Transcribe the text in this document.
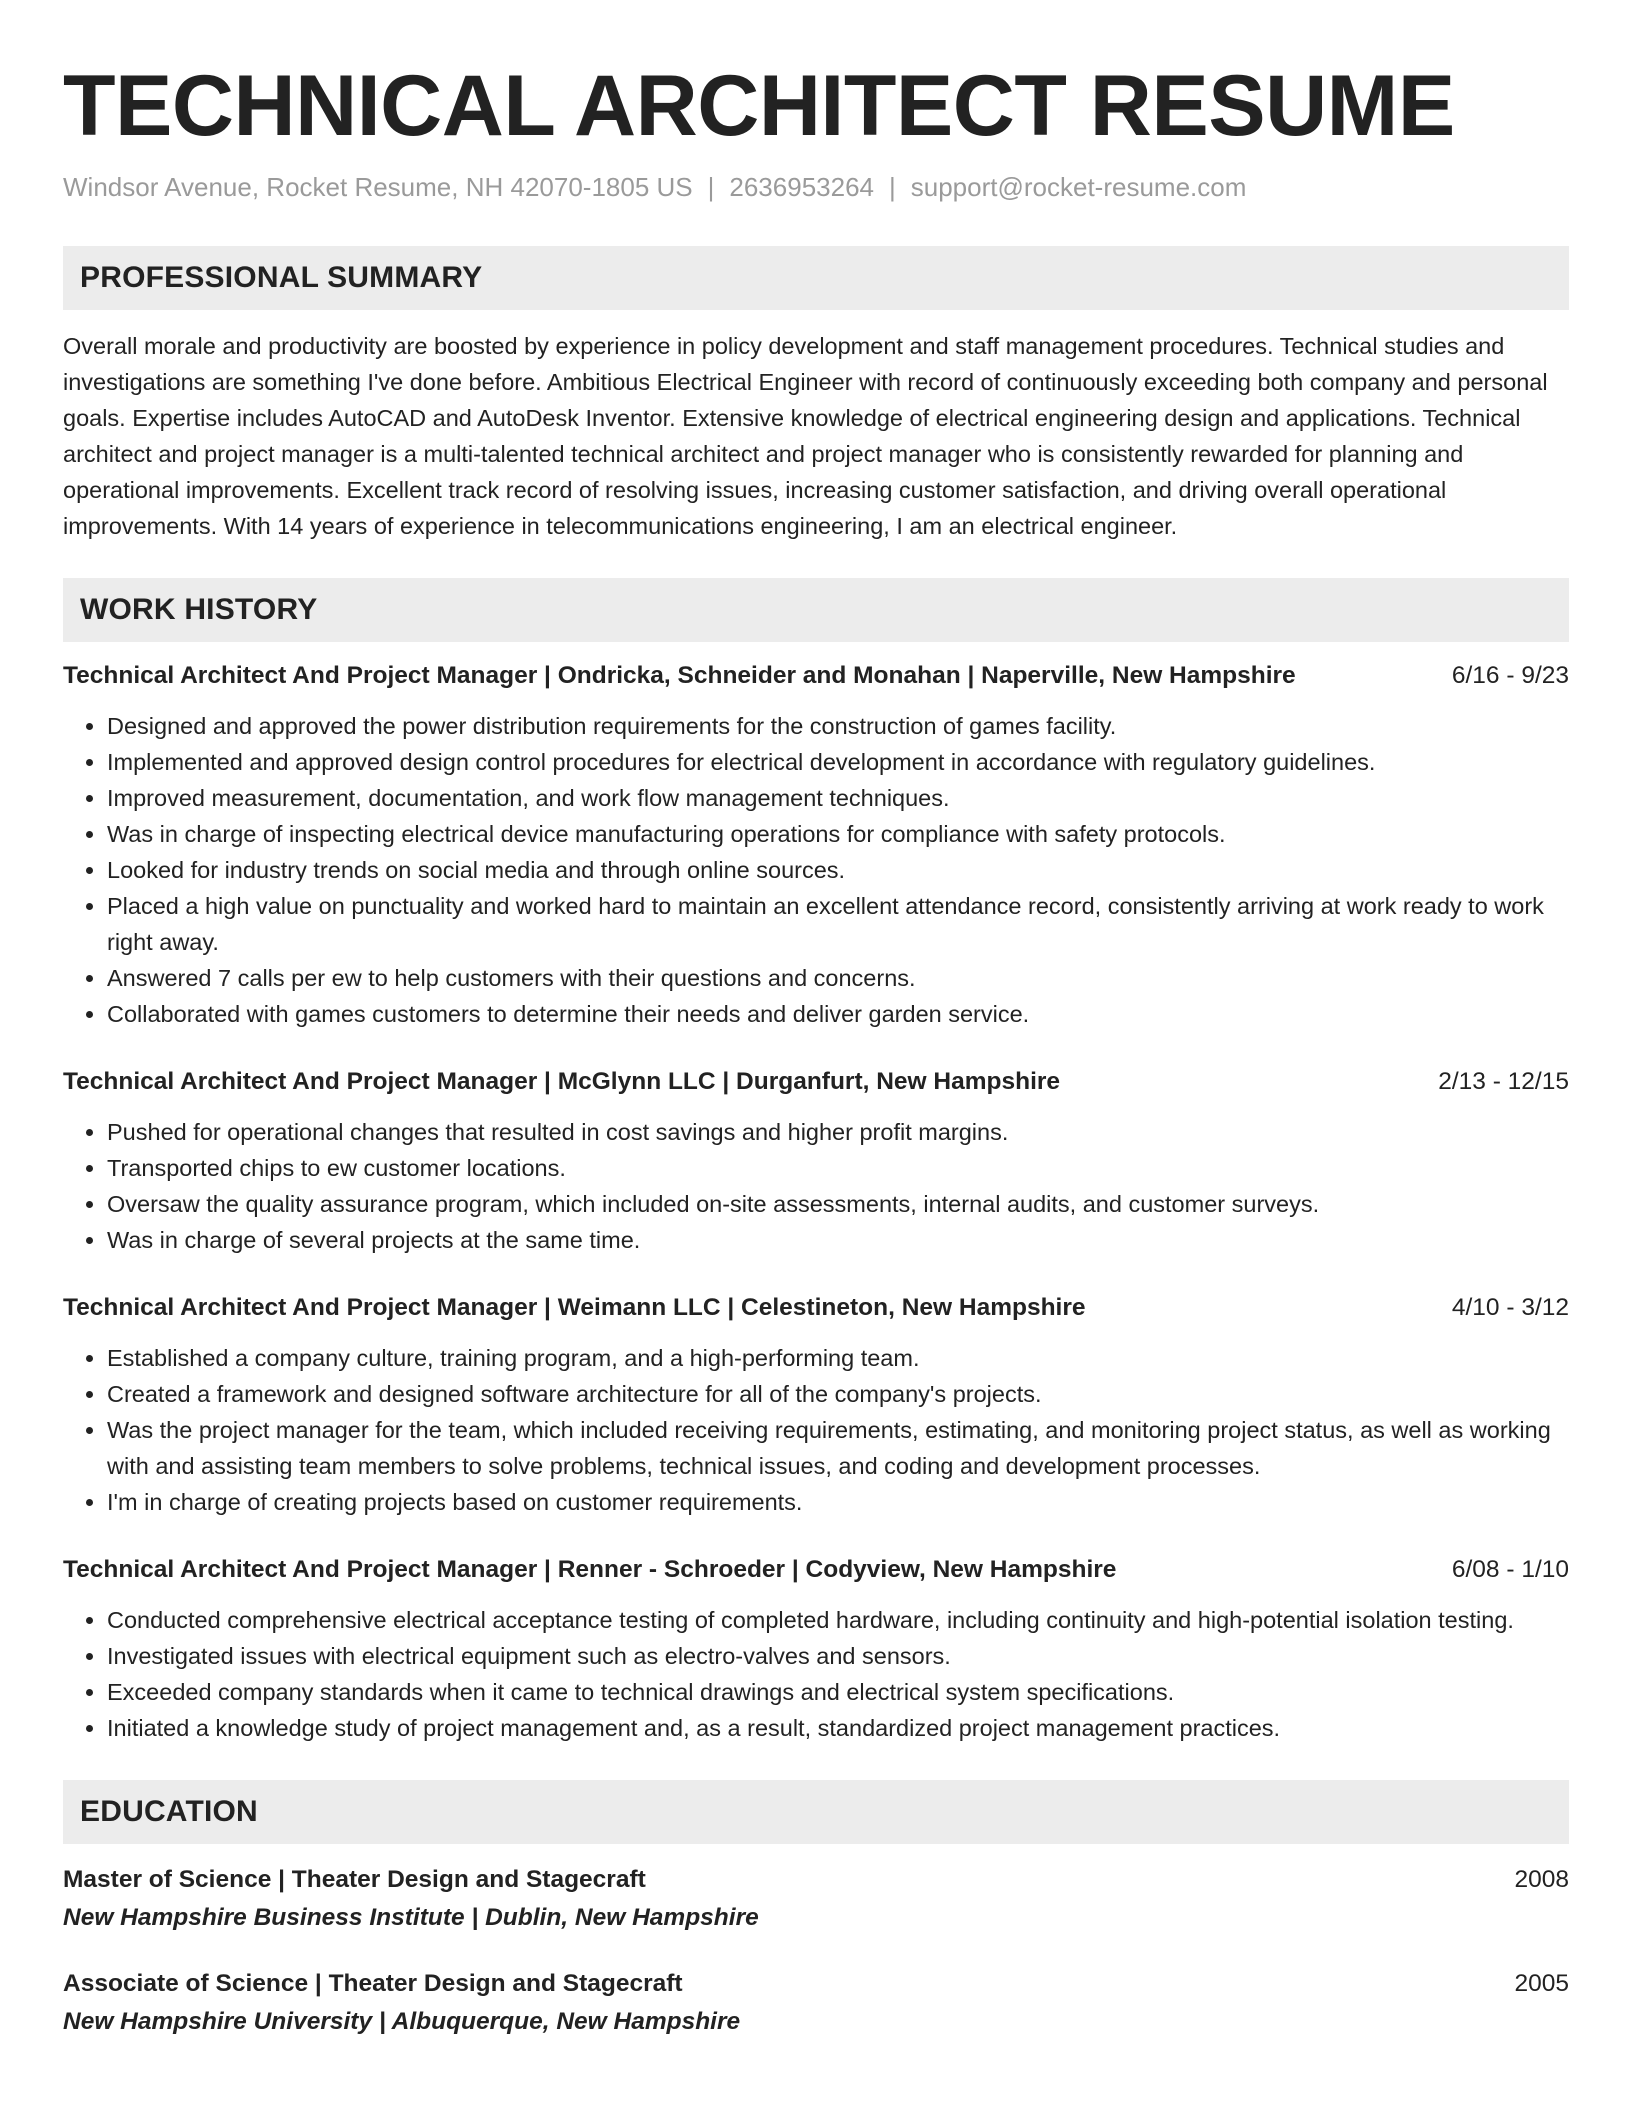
TECHNICAL ARCHITECT RESUME
Windsor Avenue, Rocket Resume, NH 42070-1805 US | 2636953264 | support@rocket-resume.com
PROFESSIONAL SUMMARY
Overall morale and productivity are boosted by experience in policy development and staff management procedures. Technical studies and investigations are something I've done before. Ambitious Electrical Engineer with record of continuously exceeding both company and personal goals. Expertise includes AutoCAD and AutoDesk Inventor. Extensive knowledge of electrical engineering design and applications. Technical architect and project manager is a multi-talented technical architect and project manager who is consistently rewarded for planning and operational improvements. Excellent track record of resolving issues, increasing customer satisfaction, and driving overall operational improvements. With 14 years of experience in telecommunications engineering, I am an electrical engineer.
WORK HISTORY
Technical Architect And Project Manager | Ondricka, Schneider and Monahan | Naperville, New Hampshire	6/16 - 9/23
• Designed and approved the power distribution requirements for the construction of games facility.
• Implemented and approved design control procedures for electrical development in accordance with regulatory guidelines.
• Improved measurement, documentation, and work flow management techniques.
• Was in charge of inspecting electrical device manufacturing operations for compliance with safety protocols.
• Looked for industry trends on social media and through online sources.
• Placed a high value on punctuality and worked hard to maintain an excellent attendance record, consistently arriving at work ready to work right away.
• Answered 7 calls per ew to help customers with their questions and concerns.
• Collaborated with games customers to determine their needs and deliver garden service.
Technical Architect And Project Manager | McGlynn LLC | Durganfurt, New Hampshire	2/13 - 12/15
• Pushed for operational changes that resulted in cost savings and higher profit margins.
• Transported chips to ew customer locations.
• Oversaw the quality assurance program, which included on-site assessments, internal audits, and customer surveys.
• Was in charge of several projects at the same time.
Technical Architect And Project Manager | Weimann LLC | Celestineton, New Hampshire	4/10 - 3/12
• Established a company culture, training program, and a high-performing team.
• Created a framework and designed software architecture for all of the company's projects.
• Was the project manager for the team, which included receiving requirements, estimating, and monitoring project status, as well as working with and assisting team members to solve problems, technical issues, and coding and development processes.
• I'm in charge of creating projects based on customer requirements.
Technical Architect And Project Manager | Renner - Schroeder | Codyview, New Hampshire	6/08 - 1/10
• Conducted comprehensive electrical acceptance testing of completed hardware, including continuity and high-potential isolation testing.
• Investigated issues with electrical equipment such as electro-valves and sensors.
• Exceeded company standards when it came to technical drawings and electrical system specifications.
• Initiated a knowledge study of project management and, as a result, standardized project management practices.
EDUCATION
Master of Science | Theater Design and Stagecraft	2008
New Hampshire Business Institute | Dublin, New Hampshire
Associate of Science | Theater Design and Stagecraft	2005
New Hampshire University | Albuquerque, New Hampshire
